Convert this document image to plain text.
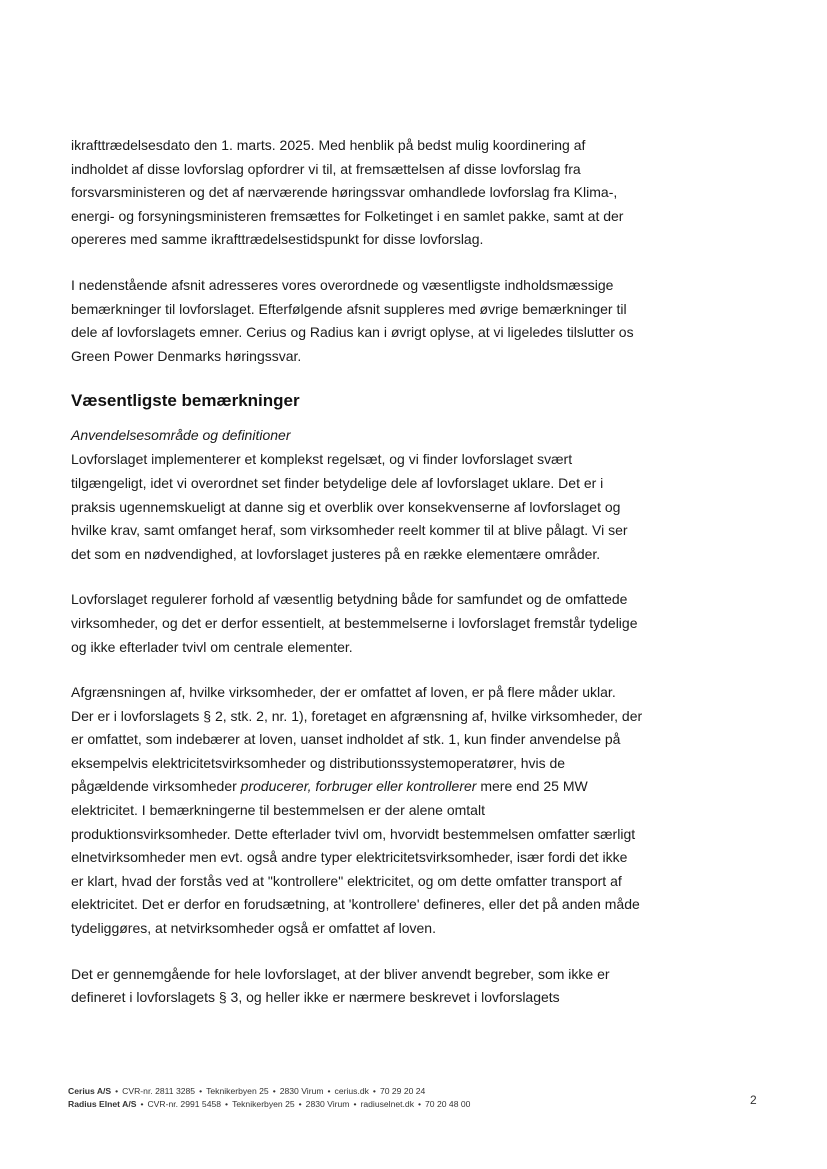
ikrafttrædelsesdato den 1. marts. 2025. Med henblik på bedst mulig koordinering af
indholdet af disse lovforslag opfordrer vi til, at fremsættelsen af disse lovforslag fra
forsvarsministeren og det af nærværende høringssvar omhandlede lovforslag fra Klima-,
energi- og forsyningsministeren fremsættes for Folketinget i en samlet pakke, samt at der
opereres med samme ikrafttrædelsestidspunkt for disse lovforslag.

I nedenstående afsnit adresseres vores overordnede og væsentligste indholdsmæssige
bemærkninger til lovforslaget. Efterfølgende afsnit suppleres med øvrige bemærkninger til
dele af lovforslagets emner. Cerius og Radius kan i øvrigt oplyse, at vi ligeledes tilslutter os
Green Power Denmarks høringssvar.

Væsentligste bemærkninger
Anvendelsesområde og definitioner

Lovforslaget implementerer et komplekst regelsæt, og vi finder lovforslaget svært
tilgængeligt, idet vi overordnet set finder betydelige dele af lovforslaget uklare. Det er i
praksis ugennemskueligt at danne sig et overblik over konsekvenserne af lovforslaget og
hvilke krav, samt omfanget heraf, som virksomheder reelt kommer til at blive pålagt. Vi ser
det som en nødvendighed, at lovforslaget justeres på en række elementære områder.

Lovforslaget regulerer forhold af væsentlig betydning både for samfundet og de omfattede
virksomheder, og det er derfor essentielt, at bestemmelserne i lovforslaget fremstår tydelige
og ikke efterlader tvivl om centrale elementer.

Afgrænsningen af, hvilke virksomheder, der er omfattet af loven, er på flere måder uklar.
Der er i lovforslagets § 2, stk. 2, nr. 1), foretaget en afgrænsning af, hvilke virksomheder, der
er omfattet, som indebærer at loven, uanset indholdet af stk. 1, kun finder anvendelse på
eksempelvis elektricitetsvirksomheder og distributionssystemoperatører, hvis de
pågældende virksomheder producerer, forbruger eller kontrollerer mere end 25 MW
elektricitet. I bemærkningerne til bestemmelsen er der alene omtalt
produktionsvirksomheder. Dette efterlader tvivl om, hvorvidt bestemmelsen omfatter særligt
elnetvirksomheder men evt. også andre typer elektricitetsvirksomheder, især fordi det ikke
er klart, hvad der forstås ved at "kontrollere" elektricitet, og om dette omfatter transport af
elektricitet. Det er derfor en forudsætning, at 'kontrollere' defineres, eller det på anden måde
tydeliggøres, at netvirksomheder også er omfattet af loven.

Det er gennemgående for hele lovforslaget, at der bliver anvendt begreber, som ikke er
defineret i lovforslagets § 3, og heller ikke er nærmere beskrevet i lovforslagets

Cerius A/S • CVR-nr. 2811 3285 • Teknikerbyen 25 • 2830 Virum • cerius.dk • 70 29 20 24
Radius Elnet A/S • CVR-nr. 2991 5458 • Teknikerbyen 25 • 2830 Virum • radiuselnet.dk • 70 20 48 00	2
